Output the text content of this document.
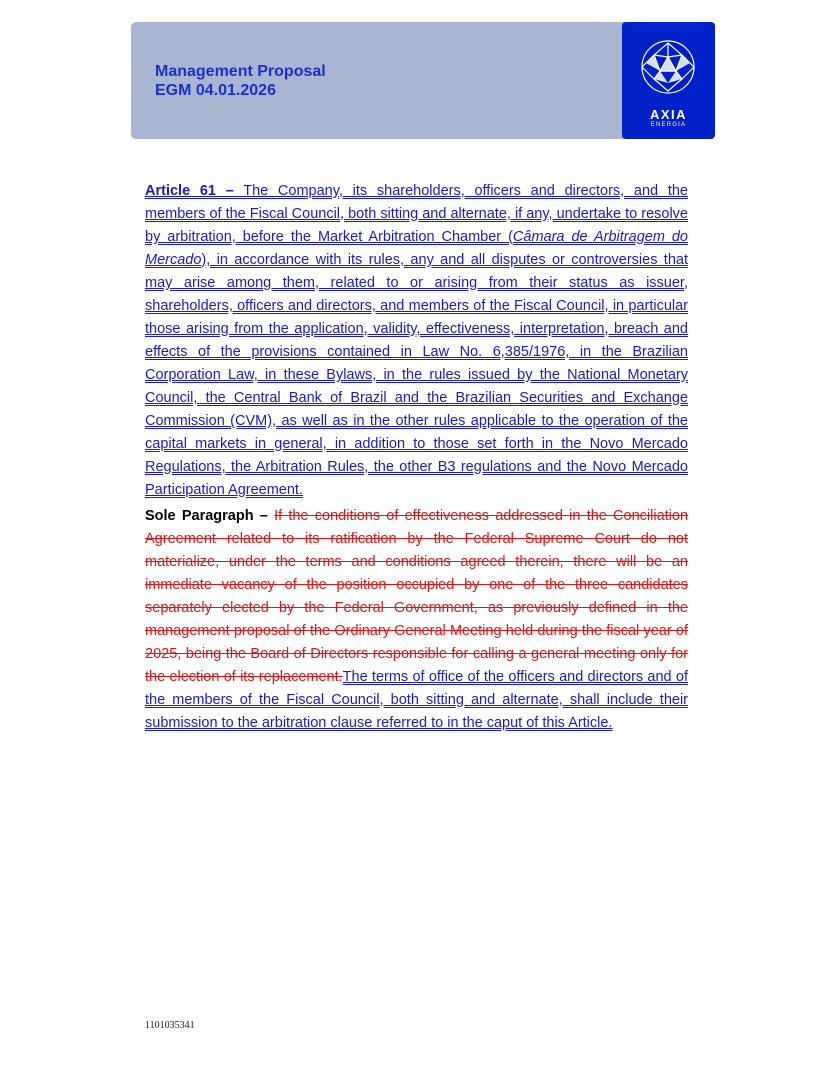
Management Proposal
EGM 04.01.2026
AXIA
ENERGIA

Article 61 – The Company, its shareholders, officers and directors, and the members of the Fiscal Council, both sitting and alternate, if any, undertake to resolve by arbitration, before the Market Arbitration Chamber (Câmara de Arbitragem do Mercado), in accordance with its rules, any and all disputes or controversies that may arise among them, related to or arising from their status as issuer, shareholders, officers and directors, and members of the Fiscal Council, in particular those arising from the application, validity, effectiveness, interpretation, breach and effects of the provisions contained in Law No. 6,385/1976, in the Brazilian Corporation Law, in these Bylaws, in the rules issued by the National Monetary Council, the Central Bank of Brazil and the Brazilian Securities and Exchange Commission (CVM), as well as in the other rules applicable to the operation of the capital markets in general, in addition to those set forth in the Novo Mercado Regulations, the Arbitration Rules, the other B3 regulations and the Novo Mercado Participation Agreement.

Sole Paragraph – If the conditions of effectiveness addressed in the Conciliation Agreement related to its ratification by the Federal Supreme Court do not materialize, under the terms and conditions agreed therein, there will be an immediate vacancy of the position occupied by one of the three candidates separately elected by the Federal Government, as previously defined in the management proposal of the Ordinary General Meeting held during the fiscal year of 2025, being the Board of Directors responsible for calling a general meeting only for the election of its replacement.The terms of office of the officers and directors and of the members of the Fiscal Council, both sitting and alternate, shall include their submission to the arbitration clause referred to in the caput of this Article.

1101035341
